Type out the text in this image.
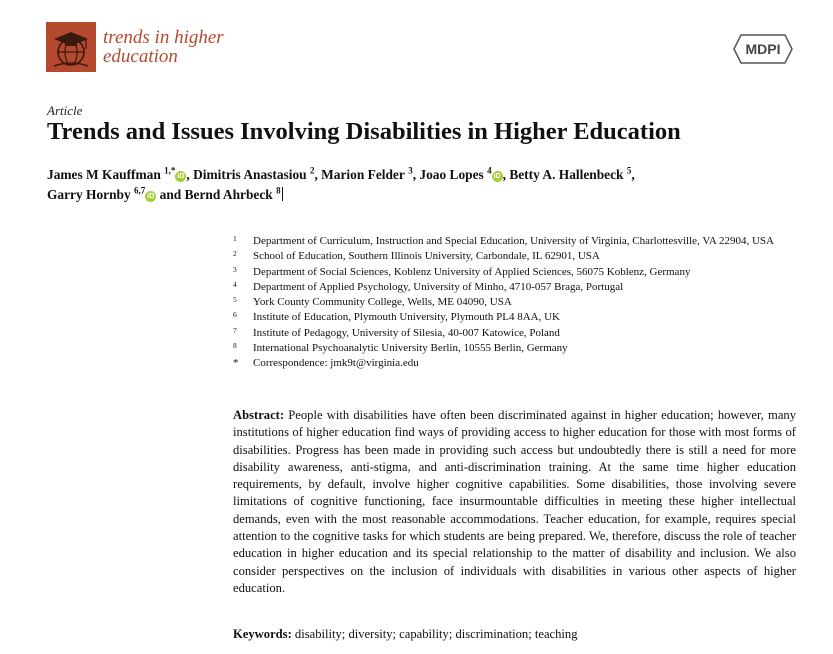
trends in higher
education	MDPI
Article
Trends and Issues Involving Disabilities in Higher Education
James M Kauffman $^{1,*}$iD , Dimitris Anastasiou $^2$, Marion Felder $^3$, Joao Lopes $^4$iD , Betty A. Hallenbeck $^5$,
Garry Hornby $^{6,7}$iD and Bernd Ahrbeck $^8$
1 Department of Curriculum, Instruction and Special Education, University of Virginia, Charlottesville, VA 22904, USA
2 School of Education, Southern Illinois University, Carbondale, IL 62901, USA
3 Department of Social Sciences, Koblenz University of Applied Sciences, 56075 Koblenz, Germany
4 Department of Applied Psychology, University of Minho, 4710-057 Braga, Portugal
5 York County Community College, Wells, ME 04090, USA
6 Institute of Education, Plymouth University, Plymouth PL4 8AA, UK
7 Institute of Pedagogy, University of Silesia, 40-007 Katowice, Poland
8 International Psychoanalytic University Berlin, 10555 Berlin, Germany
* Correspondence: jmk9t@virginia.edu
Abstract: People with disabilities have often been discriminated against in higher education; however, many institutions of higher education find ways of providing access to higher education for those with most forms of disabilities. Progress has been made in providing such access but undoubtedly there is still a need for more disability awareness, anti-stigma, and anti-discrimination training. At the same time higher education requirements, by default, involve higher cognitive capabilities. Some disabilities, those involving severe limitations of cognitive functioning, face insurmountable difficulties in meeting these higher intellectual demands, even with the most reasonable accommodations. Teacher education, for example, requires special attention to the cognitive tasks for which students are being prepared. We, therefore, discuss the role of teacher education in higher education and its special relationship to the matter of disability and inclusion. We also consider perspectives on the inclusion of individuals with disabilities in various other aspects of higher education.
Keywords: disability; diversity; capability; discrimination; teaching
